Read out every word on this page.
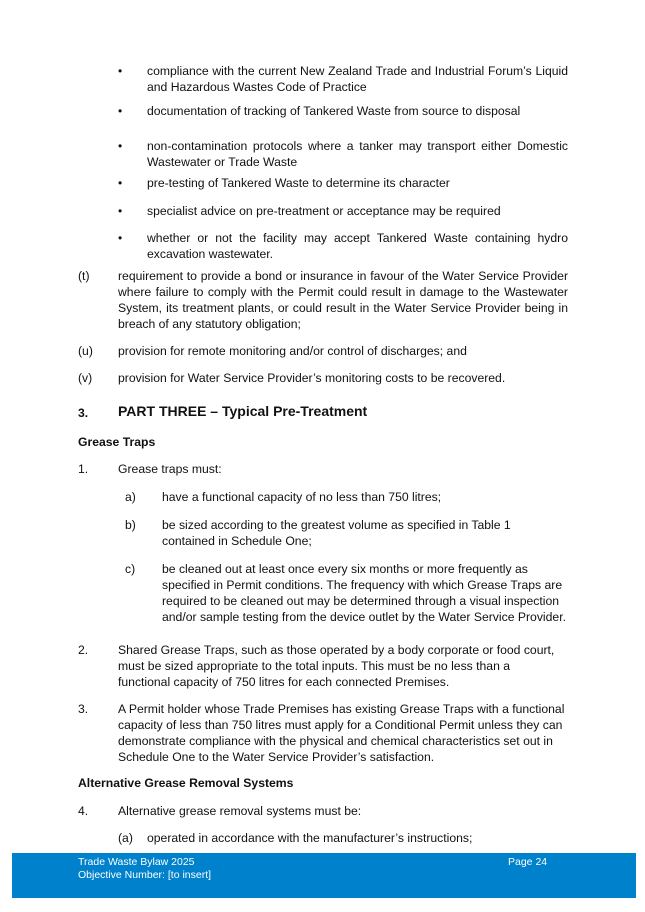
• compliance with the current New Zealand Trade and Industrial Forum’s Liquid and Hazardous Wastes Code of Practice
• documentation of tracking of Tankered Waste from source to disposal
• non-contamination protocols where a tanker may transport either Domestic Wastewater or Trade Waste
• pre-testing of Tankered Waste to determine its character
• specialist advice on pre-treatment or acceptance may be required
• whether or not the facility may accept Tankered Waste containing hydro excavation wastewater.
(t) requirement to provide a bond or insurance in favour of the Water Service Provider where failure to comply with the Permit could result in damage to the Wastewater System, its treatment plants, or could result in the Water Service Provider being in breach of any statutory obligation;
(u) provision for remote monitoring and/or control of discharges; and
(v) provision for Water Service Provider’s monitoring costs to be recovered.
3. PART THREE – Typical Pre-Treatment
Grease Traps
1. Grease traps must:
a) have a functional capacity of no less than 750 litres;
b) be sized according to the greatest volume as specified in Table 1 contained in Schedule One;
c) be cleaned out at least once every six months or more frequently as specified in Permit conditions. The frequency with which Grease Traps are required to be cleaned out may be determined through a visual inspection and/or sample testing from the device outlet by the Water Service Provider.
2. Shared Grease Traps, such as those operated by a body corporate or food court, must be sized appropriate to the total inputs. This must be no less than a functional capacity of 750 litres for each connected Premises.
3. A Permit holder whose Trade Premises has existing Grease Traps with a functional capacity of less than 750 litres must apply for a Conditional Permit unless they can demonstrate compliance with the physical and chemical characteristics set out in Schedule One to the Water Service Provider’s satisfaction.
Alternative Grease Removal Systems
4. Alternative grease removal systems must be:
(a) operated in accordance with the manufacturer’s instructions;
Trade Waste Bylaw 2025
Objective Number: [to insert]
Page 24
